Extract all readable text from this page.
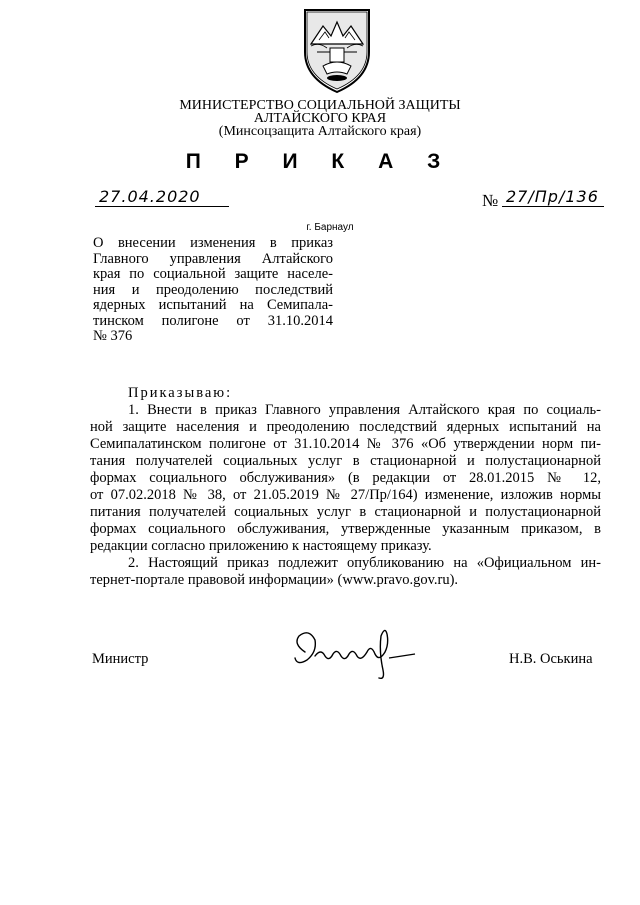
МИНИСТЕРСТВО СОЦИАЛЬНОЙ ЗАЩИТЫ
АЛТАЙСКОГО КРАЯ
(Минсоцзащита Алтайского края)
П Р И К А З
27.04.2020	№ 27/Пр/136
г. Барнаул
О внесении изменения в приказ
Главного управления Алтайского
края по социальной защите населе-
ния и преодолению последствий
ядерных испытаний на Семипала-
тинском полигоне от 31.10.2014
№ 376
Приказываю:
1. Внести в приказ Главного управления Алтайского края по социаль-
ной защите населения и преодолению последствий ядерных испытаний на
Семипалатинском полигоне от 31.10.2014 № 376 «Об утверждении норм пи-
тания получателей социальных услуг в стационарной и полустационарной
формах социального обслуживания» (в редакции от 28.01.2015 № 12,
от 07.02.2018 № 38, от 21.05.2019 № 27/Пр/164) изменение, изложив нормы
питания получателей социальных услуг в стационарной и полустационарной
формах социального обслуживания, утвержденные указанным приказом, в
редакции согласно приложению к настоящему приказу.
2. Настоящий приказ подлежит опубликованию на «Официальном ин-
тернет-портале правовой информации» (www.pravo.gov.ru).
Министр	Н.В. Оськина
